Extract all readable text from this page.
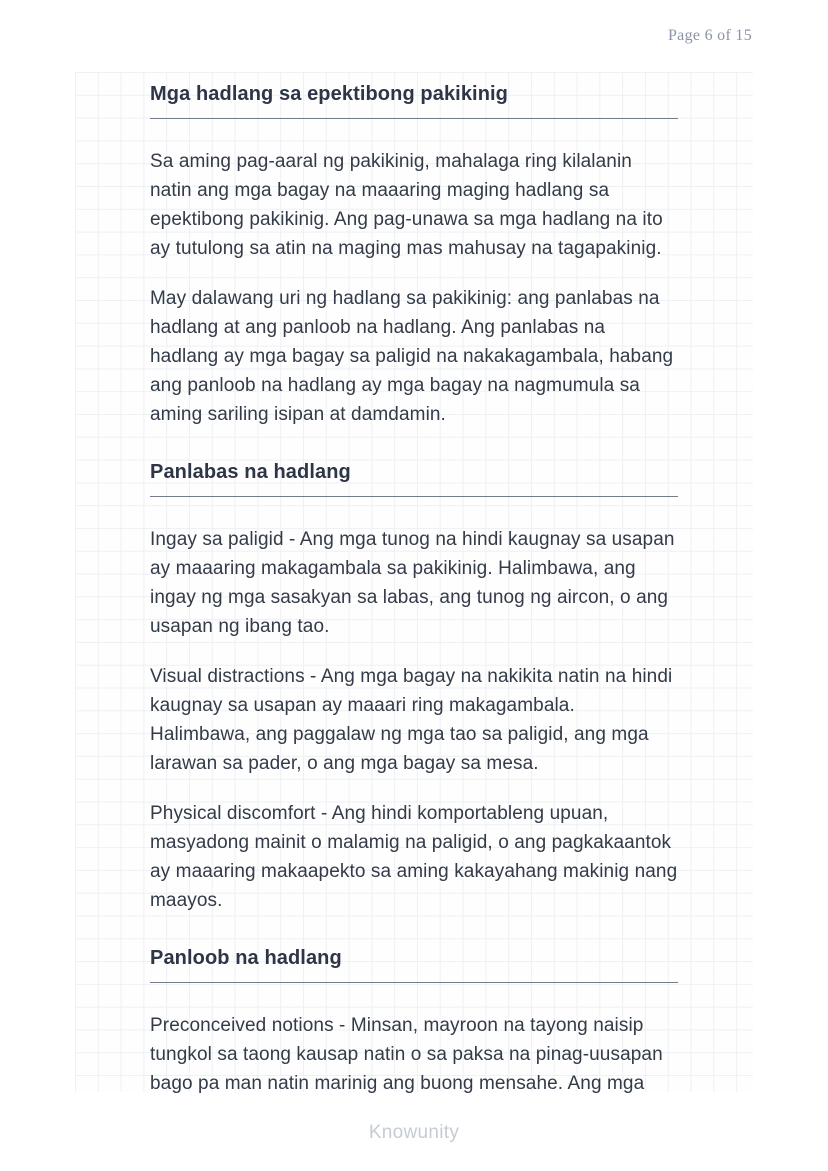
Page 6 of 15
Mga hadlang sa epektibong pakikinig

Sa aming pag-aaral ng pakikinig, mahalaga ring kilalanin natin ang mga bagay na maaaring maging hadlang sa epektibong pakikinig. Ang pag-unawa sa mga hadlang na ito ay tutulong sa atin na maging mas mahusay na tagapakinig.

May dalawang uri ng hadlang sa pakikinig: ang panlabas na hadlang at ang panloob na hadlang. Ang panlabas na hadlang ay mga bagay sa paligid na nakakagambala, habang ang panloob na hadlang ay mga bagay na nagmumula sa aming sariling isipan at damdamin.

Panlabas na hadlang

Ingay sa paligid - Ang mga tunog na hindi kaugnay sa usapan ay maaaring makagambala sa pakikinig. Halimbawa, ang ingay ng mga sasakyan sa labas, ang tunog ng aircon, o ang usapan ng ibang tao.

Visual distractions - Ang mga bagay na nakikita natin na hindi kaugnay sa usapan ay maaari ring makagambala. Halimbawa, ang paggalaw ng mga tao sa paligid, ang mga larawan sa pader, o ang mga bagay sa mesa.

Physical discomfort - Ang hindi komportableng upuan, masyadong mainit o malamig na paligid, o ang pagkakaantok ay maaaring makaapekto sa aming kakayahang makinig nang maayos.

Panloob na hadlang

Preconceived notions - Minsan, mayroon na tayong naisip tungkol sa taong kausap natin o sa paksa na pinag-uusapan bago pa man natin marinig ang buong mensahe. Ang mga

Knowunity
